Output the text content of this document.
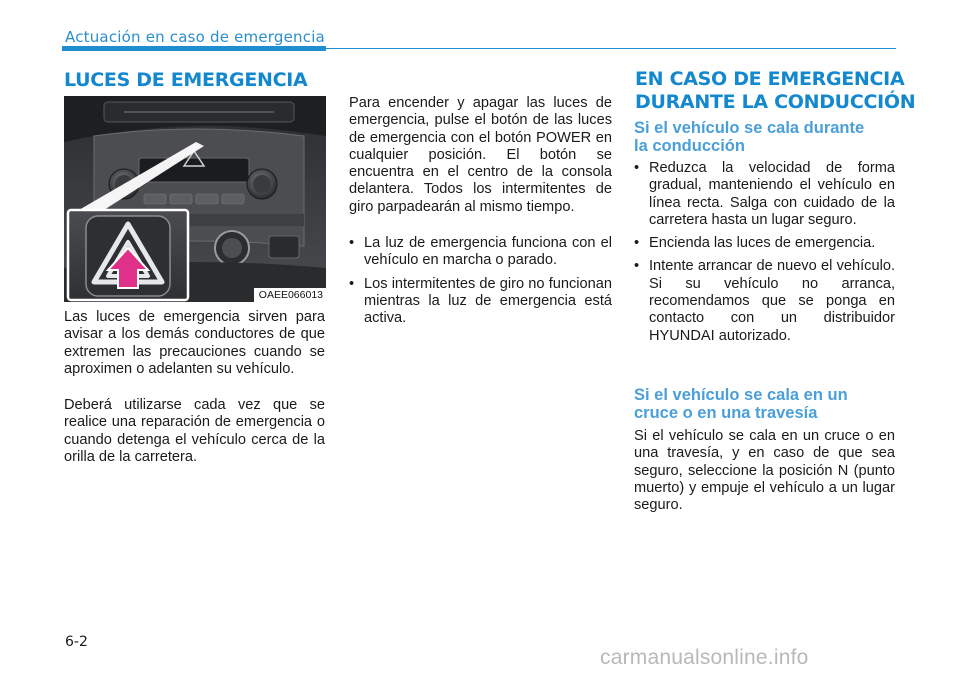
Actuación en caso de emergencia
LUCES DE EMERGENCIA
OAEE066013

Las luces de emergencia sirven para avisar a los demás conductores de que extremen las precauciones cuando se aproximen o adelanten su vehículo.

Deberá utilizarse cada vez que se realice una reparación de emergencia o cuando detenga el vehículo cerca de la orilla de la carretera.

Para encender y apagar las luces de emergencia, pulse el botón de las luces de emergencia con el botón POWER en cualquier posición. El botón se encuentra en el centro de la consola delantera. Todos los intermitentes de giro parpadearán al mismo tiempo.

• La luz de emergencia funciona con el vehículo en marcha o parado.
• Los intermitentes de giro no funcionan mientras la luz de emergencia está activa.
EN CASO DE EMERGENCIA
DURANTE LA CONDUCCIÓN
Si el vehículo se cala durante
la conducción
• Reduzca la velocidad de forma gradual, manteniendo el vehículo en línea recta. Salga con cuidado de la carretera hasta un lugar seguro.
• Encienda las luces de emergencia.
• Intente arrancar de nuevo el vehículo. Si su vehículo no arranca, recomendamos que se ponga en contacto con un distribuidor HYUNDAI autorizado.
Si el vehículo se cala en un
cruce o en una travesía

Si el vehículo se cala en un cruce o en una travesía, y en caso de que sea seguro, seleccione la posición N (punto muerto) y empuje el vehículo a un lugar seguro.

6-2
carmanualsonline.info
